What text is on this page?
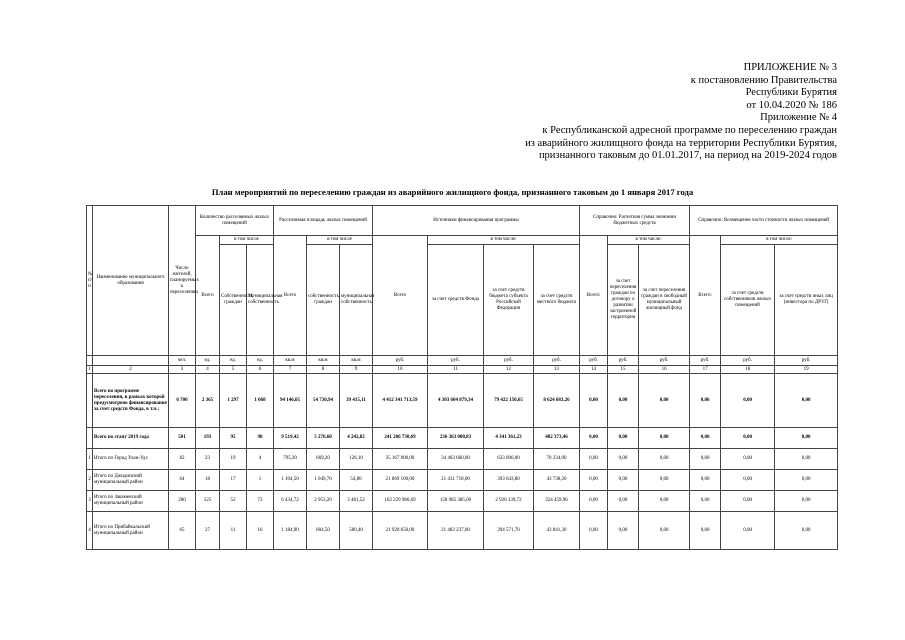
ПРИЛОЖЕНИЕ № 3
к постановлению Правительства
Республики Бурятия
от 10.04.2020 № 186
Приложение № 4
к Республиканской адресной программе по переселению граждан
из аварийного жилищного фонда на территории Республики Бурятия,
признанного таковым до 01.01.2017, на период на 2019-2024 годов
План мероприятий по переселению граждан из аварийного жилищного фонда, признанного таковым до 1 января 2017 года
№ п/п	Наименование муниципального образования	Число жителей, планируемых к переселению	Количество расселяемых жилых помещений			Расселяемая площадь жилых помещений			Источники финансирования программы				Справочно: Расчетная сумма экономии бюджетных средств			Справочно: Возмещение части стоимости жилых помещений		
			Всего	в том числе		Всего	в том числе		Всего	в том числе:			Всего:	в том числе:		Всего:	в том числе:	
				Собственность граждан	Муниципальная собственность		собственность граждан	муниципальная собственность		за счет средств Фонда	за счет средств бюджета субъекта Российской Федерации	за счет средств местного бюджета		за счет переселения граждан по договору о развитии застроенной территории	за счет переселения граждан в свободный муниципальный жилищный фонд		за счет средств собственников жилых помещений	за счет средств иных лиц (инвестора по ДРЗТ)
		чел.	ед.	ед.	ед.	кв.м	кв.м	кв.м	руб.	руб.	руб.	руб.	руб.	руб.	руб.	руб.	руб.	руб.
1	2	3	4	5	6	7	8	9	10	11	12	13	14	15	16	17	18	19
	Всего по программе переселения, в рамках которой предусмотрено финансирование за счет средств Фонда, в т.ч.:	6 700	2 365	1 297	1 068	94 146,05	54 730,94	39 415,11	4 412 341 713,59	4 303 604 879,34	79 422 150,65	8 624 683,26	0,00	0,00	0,00	0,00	0,00	0,00
	Всего по этапу 2019 года	501	193	95	98	9 519,42	5 276,60	4 242,82	241 286 730,69	236 363 000,83	4 341 361,23	482 373,46	0,00	0,00	0,00	0,00	0,00	0,00
1	Итого по Город Улан-Удэ	82	23	19	4	795,30	669,20	126,10	35 167 000,00	34 463 660,00	633 006,00	70 334,00	0,00	0,00	0,00	0,00	0,00	0,00
2	Итого по Джидинский муниципальный район	64	18	17	1	1 104,50	1 049,70	54,80	21 869 100,00	21 431 718,00	393 643,80	43 738,20	0,00	0,00	0,00	0,00	0,00	0,00
3	Итого по Закаменский муниципальный район	280	125	52	73	6 434,72	2 953,20	3 481,52	162 229 980,69	158 985 385,00	2 920 139,72	324 459,96	0,00	0,00	0,00	0,00	0,00	0,00
4	Итого по Прибайкальский муниципальный район	65	27	11	16	1 184,90	604,50	580,40	21 920 650,00	21 482 237,00	394 571,70	43 841,30	0,00	0,00	0,00	0,00	0,00	0,00
